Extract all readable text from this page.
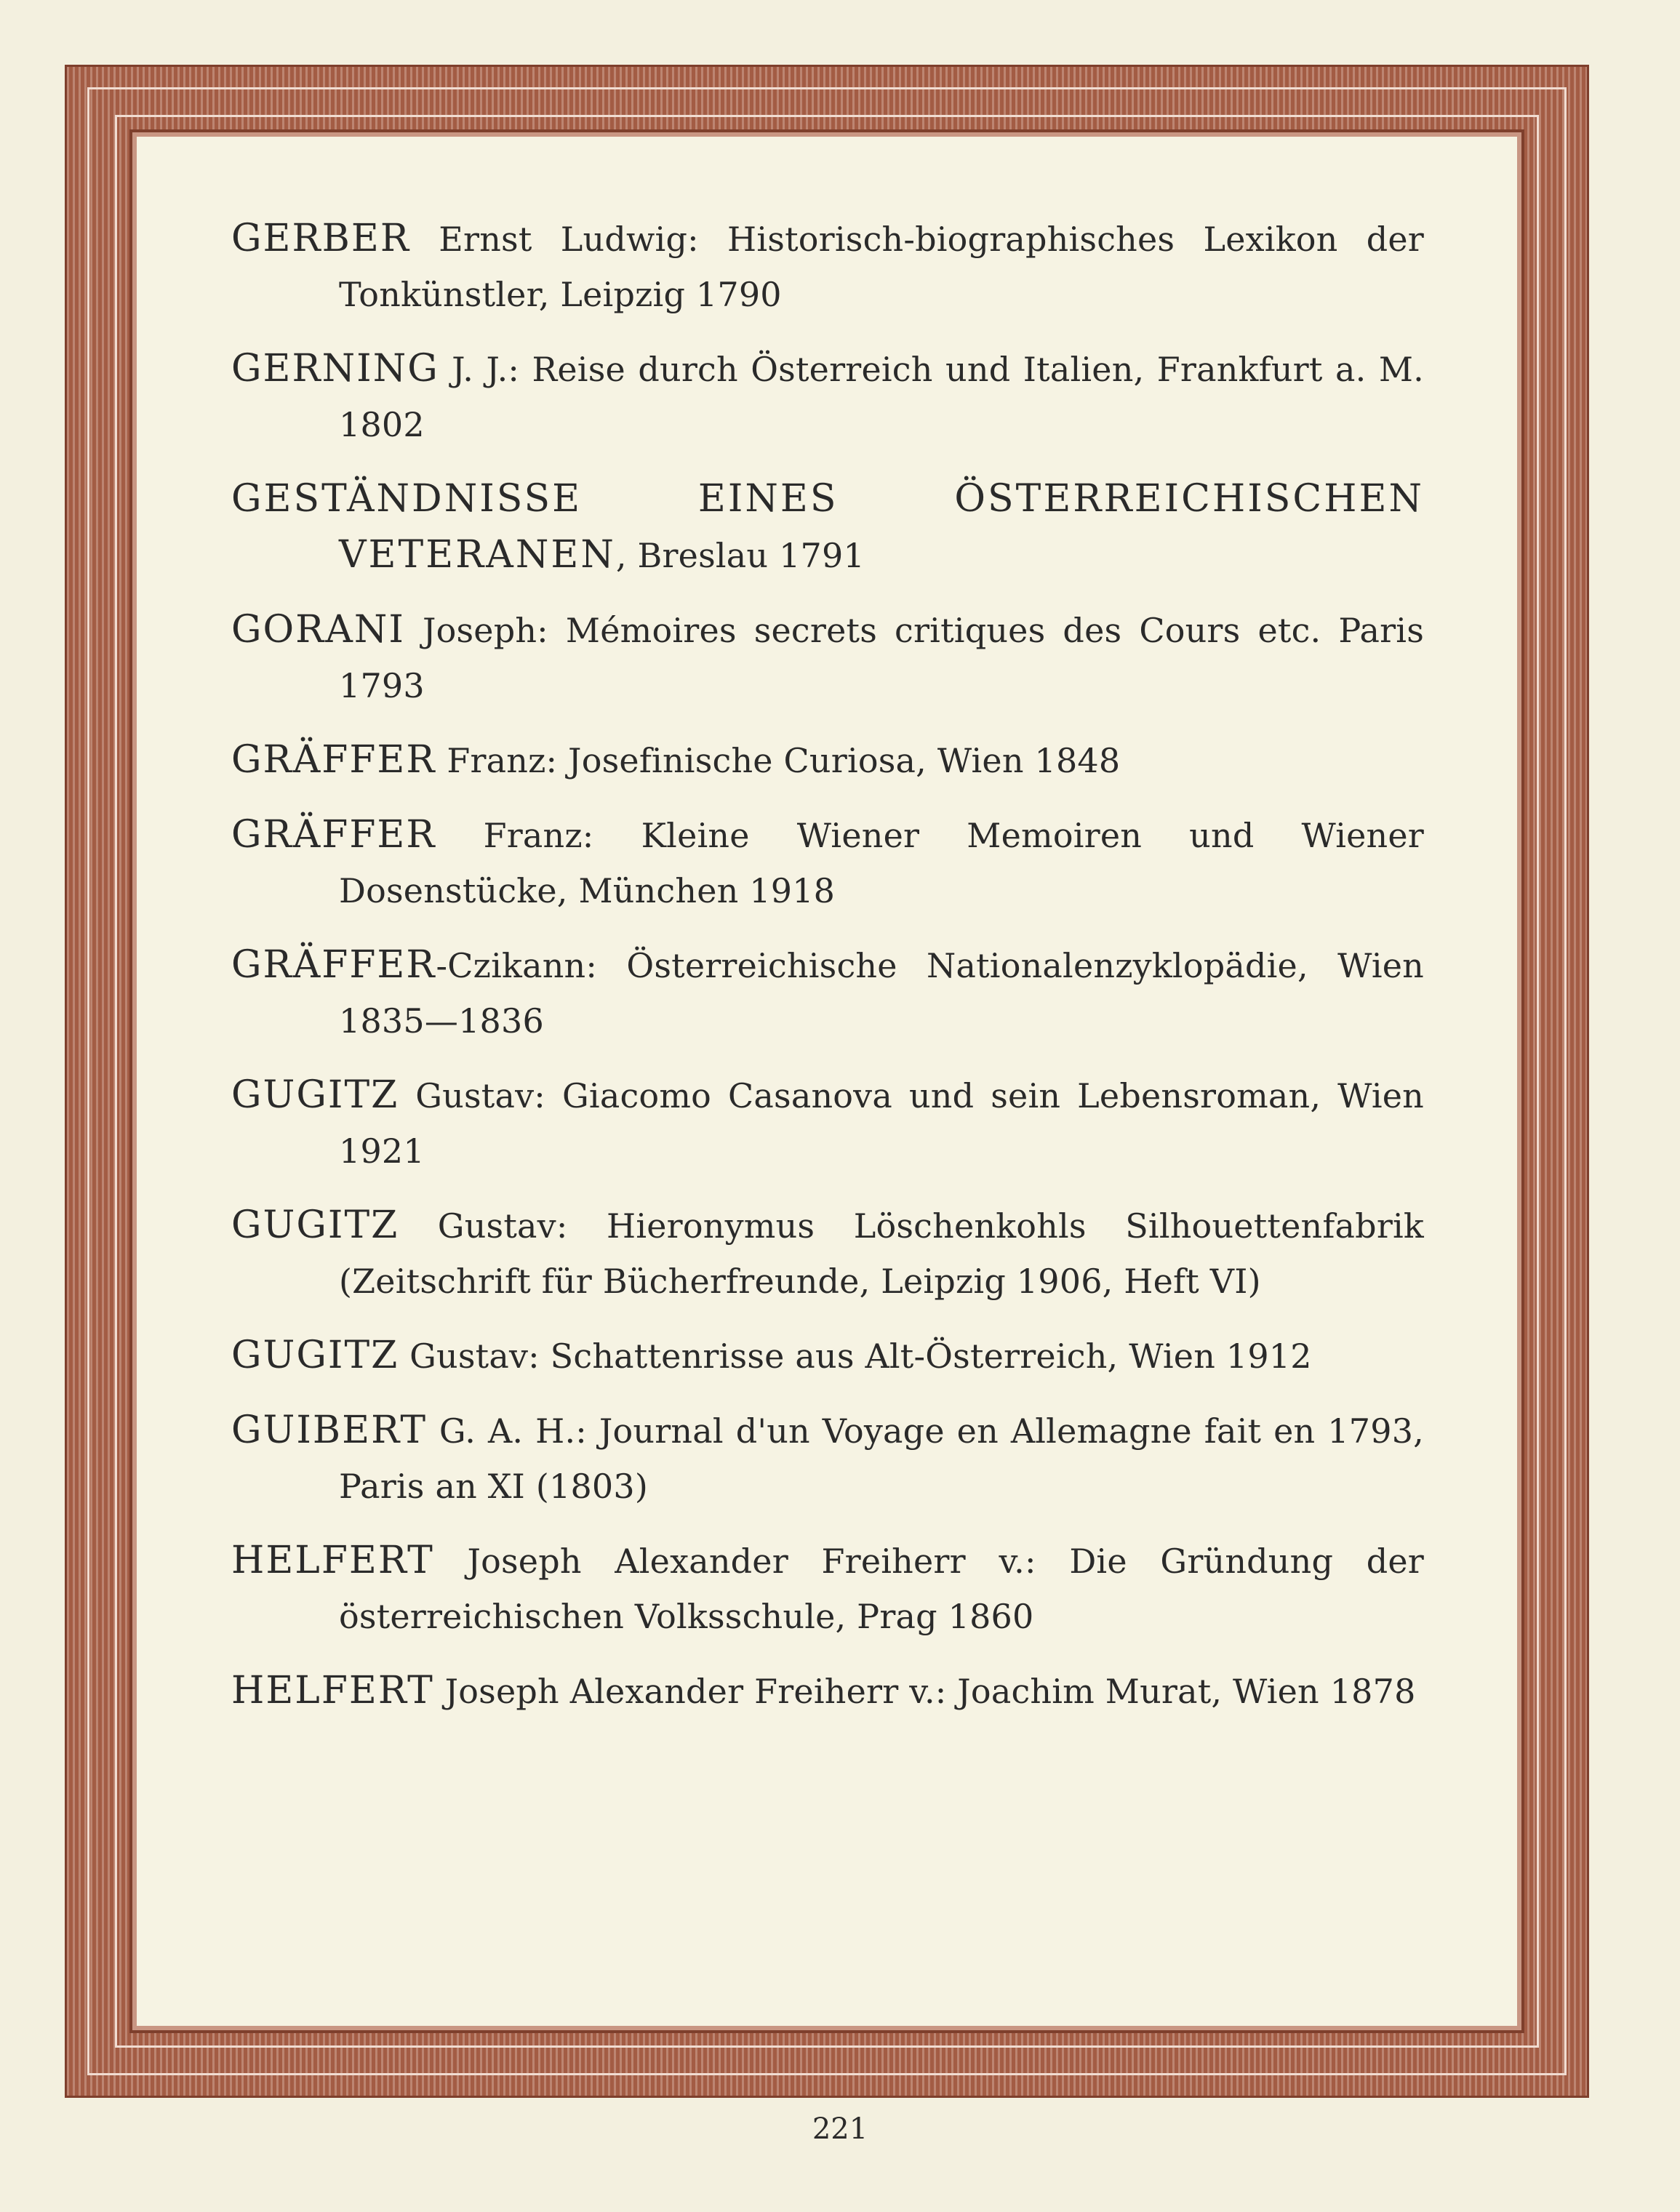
GERBER Ernst Ludwig: Historisch-biographisches Lexikon der Tonkünstler, Leipzig 1790

GERNING J. J.: Reise durch Österreich und Italien, Frankfurt a. M. 1802

GESTÄNDNISSE EINES ÖSTERREICHISCHEN VETERANEN, Breslau 1791

GORANI Joseph: Mémoires secrets critiques des Cours etc. Paris 1793

GRÄFFER Franz: Josefinische Curiosa, Wien 1848

GRÄFFER Franz: Kleine Wiener Memoiren und Wiener Dosenstücke, München 1918

GRÄFFER-Czikann: Österreichische Nationalenzyklopädie, Wien 1835—1836

GUGITZ Gustav: Giacomo Casanova und sein Lebensroman, Wien 1921

GUGITZ Gustav: Hieronymus Löschenkohls Silhouettenfabrik (Zeitschrift für Bücherfreunde, Leipzig 1906, Heft VI)

GUGITZ Gustav: Schattenrisse aus Alt-Österreich, Wien 1912

GUIBERT G. A. H.: Journal d'un Voyage en Allemagne fait en 1793, Paris an XI (1803)

HELFERT Joseph Alexander Freiherr v.: Die Gründung der österreichischen Volksschule, Prag 1860

HELFERT Joseph Alexander Freiherr v.: Joachim Murat, Wien 1878

221
